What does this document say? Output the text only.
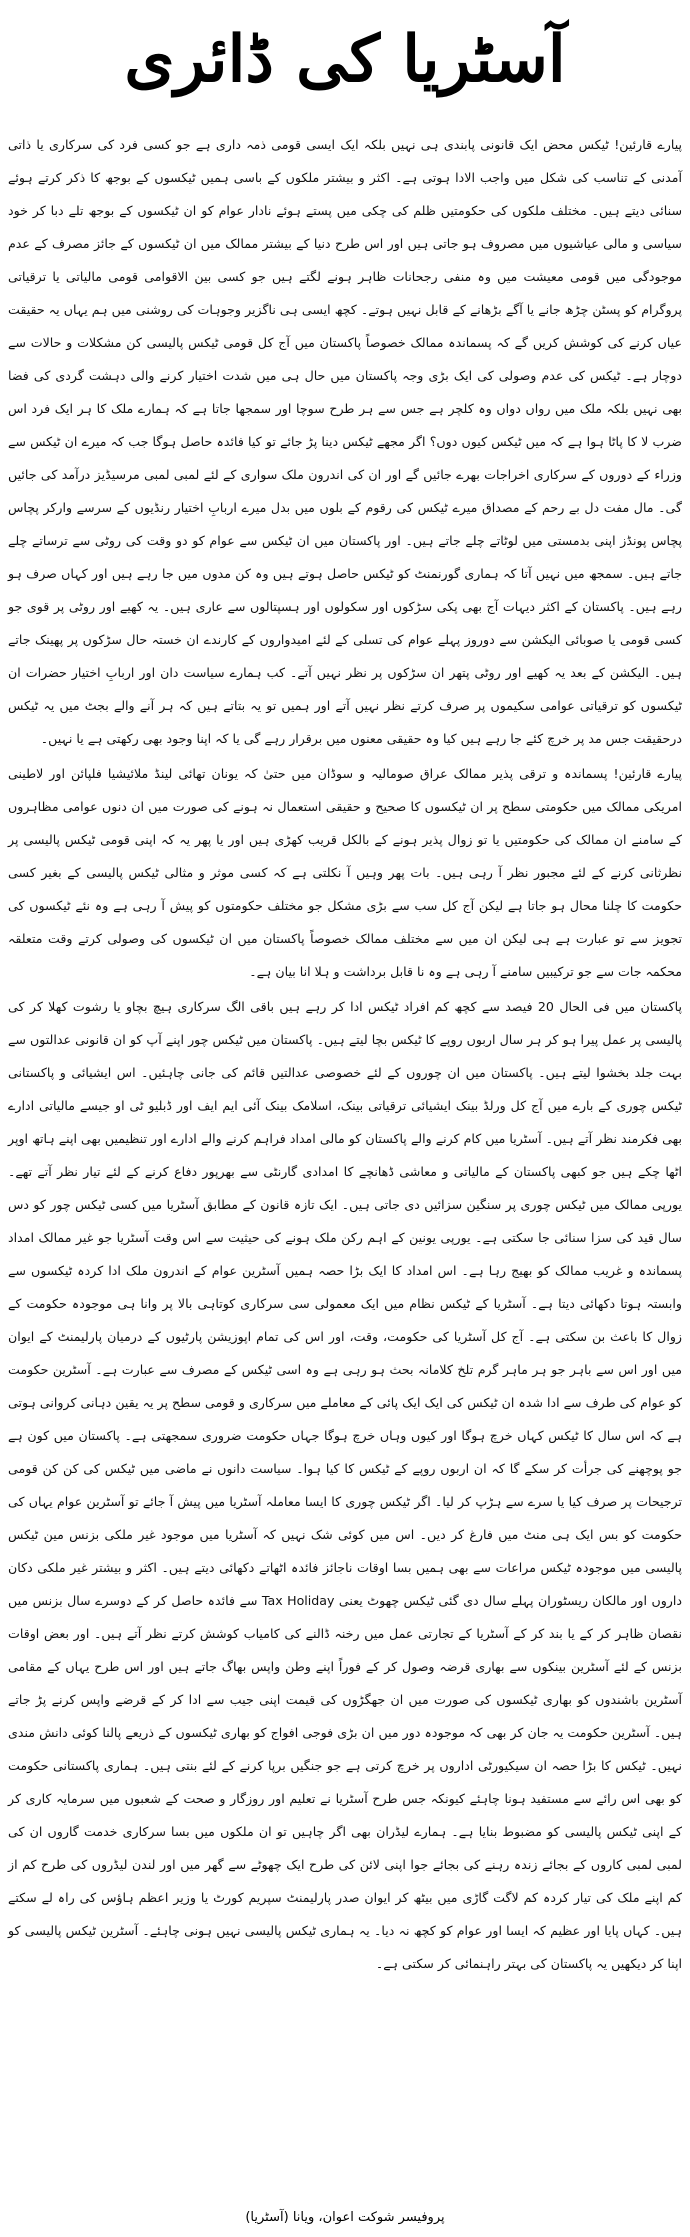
آسٹریا کی ڈائری

پیارے قارئین! ٹیکس محض ایک قانونی پابندی ہی نہیں بلکہ ایک ایسی قومی ذمہ داری ہے جو کسی فرد کی سرکاری یا ذاتی آمدنی کے تناسب کی شکل میں واجب الادا ہوتی ہے۔ اکثر و بیشتر ملکوں کے باسی ہمیں ٹیکسوں کے بوجھ کا ذکر کرتے ہوئے سنائی دیتے ہیں۔ مختلف ملکوں کی حکومتیں ظلم کی چکی میں پستے ہوئے نادار عوام کو ان ٹیکسوں کے بوجھ تلے دبا کر خود سیاسی و مالی عیاشیوں میں مصروف ہو جاتی ہیں اور اس طرح دنیا کے بیشتر ممالک میں ان ٹیکسوں کے جائز مصرف کے عدم موجودگی میں قومی معیشت میں وہ منفی رجحانات ظاہر ہونے لگتے ہیں جو کسی بین الاقوامی قومی مالیاتی یا ترقیاتی پروگرام کو پسٹن چڑھ جانے یا آگے بڑھانے کے قابل نہیں ہوتے۔ کچھ ایسی ہی ناگزیر وجوہات کی روشنی میں ہم یہاں یہ حقیقت عیاں کرنے کی کوشش کریں گے کہ پسماندہ ممالک خصوصاً پاکستان میں آج کل قومی ٹیکس پالیسی کن مشکلات و حالات سے دوچار ہے۔ ٹیکس کی عدم وصولی کی ایک بڑی وجہ پاکستان میں حال ہی میں شدت اختیار کرنے والی دہشت گردی کی فضا بھی نہیں بلکہ ملک میں رواں دواں وہ کلچر ہے جس سے ہر طرح سوچا اور سمجھا جاتا ہے کہ ہمارے ملک کا ہر ایک فرد اس ضرب لا کا پاٹا ہوا ہے کہ میں ٹیکس کیوں دوں؟ اگر مجھے ٹیکس دینا پڑ جائے تو کیا فائدہ حاصل ہوگا جب کہ میرے ان ٹیکس سے وزراء کے دوروں کے سرکاری اخراجات بھرے جائیں گے اور ان کی اندرون ملک سواری کے لئے لمبی لمبی مرسیڈیز درآمد کی جائیں گی۔ مال مفت دل بے رحم کے مصداق میرے ٹیکس کی رقوم کے بلوں میں بدل میرے اربابِ اختیار رنڈیوں کے سرسے وارکر پچاس پچاس پونڈز اپنی بدمستی میں لوٹاتے چلے جاتے ہیں۔ اور پاکستان میں ان ٹیکس سے عوام کو دو وقت کی روٹی سے ترساتے چلے جاتے ہیں۔ سمجھ میں نہیں آتا کہ ہماری گورنمنٹ کو ٹیکس حاصل ہوتے ہیں وہ کن مدوں میں جا رہے ہیں اور کہاں صرف ہو رہے ہیں۔ پاکستان کے اکثر دیہات آج بھی پکی سڑکوں اور سکولوں اور ہسپتالوں سے عاری ہیں۔ یہ کھیے اور روٹی پر قوی جو کسی قومی یا صوبائی الیکشن سے دوروز پہلے عوام کی تسلی کے لئے امیدواروں کے کارندے ان خستہ حال سڑکوں پر پھینک جاتے ہیں۔ الیکشن کے بعد یہ کھیے اور روٹی پتھر ان سڑکوں پر نظر نہیں آتے۔ کب ہمارے سیاست دان اور اربابِ اختیار حضرات ان ٹیکسوں کو ترقیاتی عوامی سکیموں پر صرف کرتے نظر نہیں آتے اور ہمیں تو یہ بتاتے ہیں کہ ہر آنے والے بجٹ میں یہ ٹیکس درحقیقت جس مد پر خرچ کئے جا رہے ہیں کیا وہ حقیقی معنوں میں برقرار رہے گی یا کہ اپنا وجود بھی رکھتی ہے یا نہیں۔

پیارے قارئین! پسماندہ و ترقی پذیر ممالک عراق صومالیہ و سوڈان میں حتیٰ کہ یونان تھائی لینڈ ملائیشیا فلپائن اور لاطینی امریکی ممالک میں حکومتی سطح پر ان ٹیکسوں کا صحیح و حقیقی استعمال نہ ہونے کی صورت میں ان دنوں عوامی مظاہروں کے سامنے ان ممالک کی حکومتیں یا تو زوال پذیر ہونے کے بالکل قریب کھڑی ہیں اور یا پھر یہ کہ اپنی قومی ٹیکس پالیسی پر نظرثانی کرنے کے لئے مجبور نظر آ رہی ہیں۔ بات پھر وہیں آ نکلتی ہے کہ کسی موثر و مثالی ٹیکس پالیسی کے بغیر کسی حکومت کا چلنا محال ہو جاتا ہے لیکن آج کل سب سے بڑی مشکل جو مختلف حکومتوں کو پیش آ رہی ہے وہ نئے ٹیکسوں کی تجویز سے تو عبارت ہے ہی لیکن ان میں سے مختلف ممالک خصوصاً پاکستان میں ان ٹیکسوں کی وصولی کرتے وقت متعلقہ محکمہ جات سے جو ترکیبیں سامنے آ رہی ہے وہ نا قابل برداشت و ہلا انا بیان ہے۔

پاکستان میں فی الحال 20 فیصد سے کچھ کم افراد ٹیکس ادا کر رہے ہیں باقی الگ سرکاری ہیچ بچاو یا رشوت کھلا کر کی پالیسی پر عمل پیرا ہو کر ہر سال اربوں روپے کا ٹیکس بچا لیتے ہیں۔ پاکستان میں ٹیکس چور اپنے آپ کو ان قانونی عدالتوں سے بہت جلد بخشوا لیتے ہیں۔ پاکستان میں ان چوروں کے لئے خصوصی عدالتیں قائم کی جانی چاہئیں۔ اس ایشیائی و پاکستانی ٹیکس چوری کے بارے میں آج کل ورلڈ بینک ایشیائی ترقیاتی بینک، اسلامک بینک آئی ایم ایف اور ڈبلیو ٹی او جیسے مالیاتی ادارے بھی فکرمند نظر آتے ہیں۔ آسٹریا میں کام کرنے والے پاکستان کو مالی امداد فراہم کرنے والے ادارے اور تنظیمیں بھی اپنے ہاتھ اوپر اٹھا چکے ہیں جو کبھی پاکستان کے مالیاتی و معاشی ڈھانچے کا امدادی گارنٹی سے بھرپور دفاع کرنے کے لئے تیار نظر آتے تھے۔ یورپی ممالک میں ٹیکس چوری پر سنگین سزائیں دی جاتی ہیں۔ ایک تازہ قانون کے مطابق آسٹریا میں کسی ٹیکس چور کو دس سال قید کی سزا سنائی جا سکتی ہے۔ یورپی یونین کے اہم رکن ملک ہونے کی حیثیت سے اس وقت آسٹریا جو غیر ممالک امداد پسماندہ و غریب ممالک کو بھیج رہا ہے۔ اس امداد کا ایک بڑا حصہ ہمیں آسٹرین عوام کے اندرون ملک ادا کردہ ٹیکسوں سے وابستہ ہوتا دکھائی دیتا ہے۔ آسٹریا کے ٹیکس نظام میں ایک معمولی سی سرکاری کوتاہی بالا پر وانا ہی موجودہ حکومت کے زوال کا باعث بن سکتی ہے۔ آج کل آسٹریا کی حکومت، وقت، اور اس کی تمام اپوزیشن پارٹیوں کے درمیان پارلیمنٹ کے ایوان میں اور اس سے باہر جو ہر ماہر گرم تلخ کلامانہ بحث ہو رہی ہے وہ اسی ٹیکس کے مصرف سے عبارت ہے۔ آسٹرین حکومت کو عوام کی طرف سے ادا شدہ ان ٹیکس کی ایک ایک پائی کے معاملے میں سرکاری و قومی سطح پر یہ یقین دہانی کروانی ہوتی ہے کہ اس سال کا ٹیکس کہاں خرچ ہوگا اور کیوں وہاں خرچ ہوگا جہاں حکومت ضروری سمجھتی ہے۔ پاکستان میں کون ہے جو پوچھنے کی جرأت کر سکے گا کہ ان اربوں روپے کے ٹیکس کا کیا ہوا۔ سیاست دانوں نے ماضی میں ٹیکس کی کن کن قومی ترجیحات پر صرف کیا یا سرے سے ہڑپ کر لیا۔ اگر ٹیکس چوری کا ایسا معاملہ آسٹریا میں پیش آ جائے تو آسٹرین عوام یہاں کی حکومت کو بس ایک ہی منٹ میں فارغ کر دیں۔ اس میں کوئی شک نہیں کہ آسٹریا میں موجود غیر ملکی بزنس مین ٹیکس پالیسی میں موجودہ ٹیکس مراعات سے بھی ہمیں بسا اوقات ناجائز فائدہ اٹھاتے دکھائی دیتے ہیں۔ اکثر و بیشتر غیر ملکی دکان داروں اور مالکان ریسٹوران پہلے سال دی گئی ٹیکس چھوٹ یعنی Tax Holiday سے فائدہ حاصل کر کے دوسرے سال بزنس میں نقصان ظاہر کر کے یا بند کر کے آسٹریا کے تجارتی عمل میں رخنہ ڈالنے کی کامیاب کوشش کرتے نظر آتے ہیں۔ اور بعض اوقات بزنس کے لئے آسٹرین بینکوں سے بھاری قرضہ وصول کر کے فوراً اپنے وطن واپس بھاگ جاتے ہیں اور اس طرح یہاں کے مقامی آسٹرین باشندوں کو بھاری ٹیکسوں کی صورت میں ان جھگڑوں کی قیمت اپنی جیب سے ادا کر کے قرضے واپس کرنے پڑ جاتے ہیں۔ آسٹرین حکومت یہ جان کر بھی کہ موجودہ دور میں ان بڑی فوجی افواج کو بھاری ٹیکسوں کے ذریعے پالنا کوئی دانش مندی نہیں۔ ٹیکس کا بڑا حصہ ان سیکیورٹی اداروں پر خرچ کرتی ہے جو جنگیں برپا کرنے کے لئے بنتی ہیں۔ ہماری پاکستانی حکومت کو بھی اس رائے سے مستفید ہونا چاہئے کیونکہ جس طرح آسٹریا نے تعلیم اور روزگار و صحت کے شعبوں میں سرمایہ کاری کر کے اپنی ٹیکس پالیسی کو مضبوط بنایا ہے۔ ہمارے لیڈران بھی اگر چاہیں تو ان ملکوں میں بسا سرکاری خدمت گاروں ان کی لمبی لمبی کاروں کے بجائے زندہ رہنے کی بجائے جوا اپنی لائن کی طرح ایک چھوٹے سے گھر میں اور لندن لیڈروں کی طرح کم از کم اپنے ملک کی تیار کردہ کم لاگت گاڑی میں بیٹھ کر ایوان صدر پارلیمنٹ سپریم کورٹ یا وزیر اعظم ہاؤس کی راہ لے سکتے ہیں۔ کہاں پایا اور عظیم کہ ایسا اور عوام کو کچھ نہ دیا۔ یہ ہماری ٹیکس پالیسی نہیں ہونی چاہئے۔ آسٹرین ٹیکس پالیسی کو اپنا کر دیکھیں یہ پاکستان کی بہتر راہنمائی کر سکتی ہے۔

پروفیسر شوکت اعوان، ویانا (آسٹریا)
